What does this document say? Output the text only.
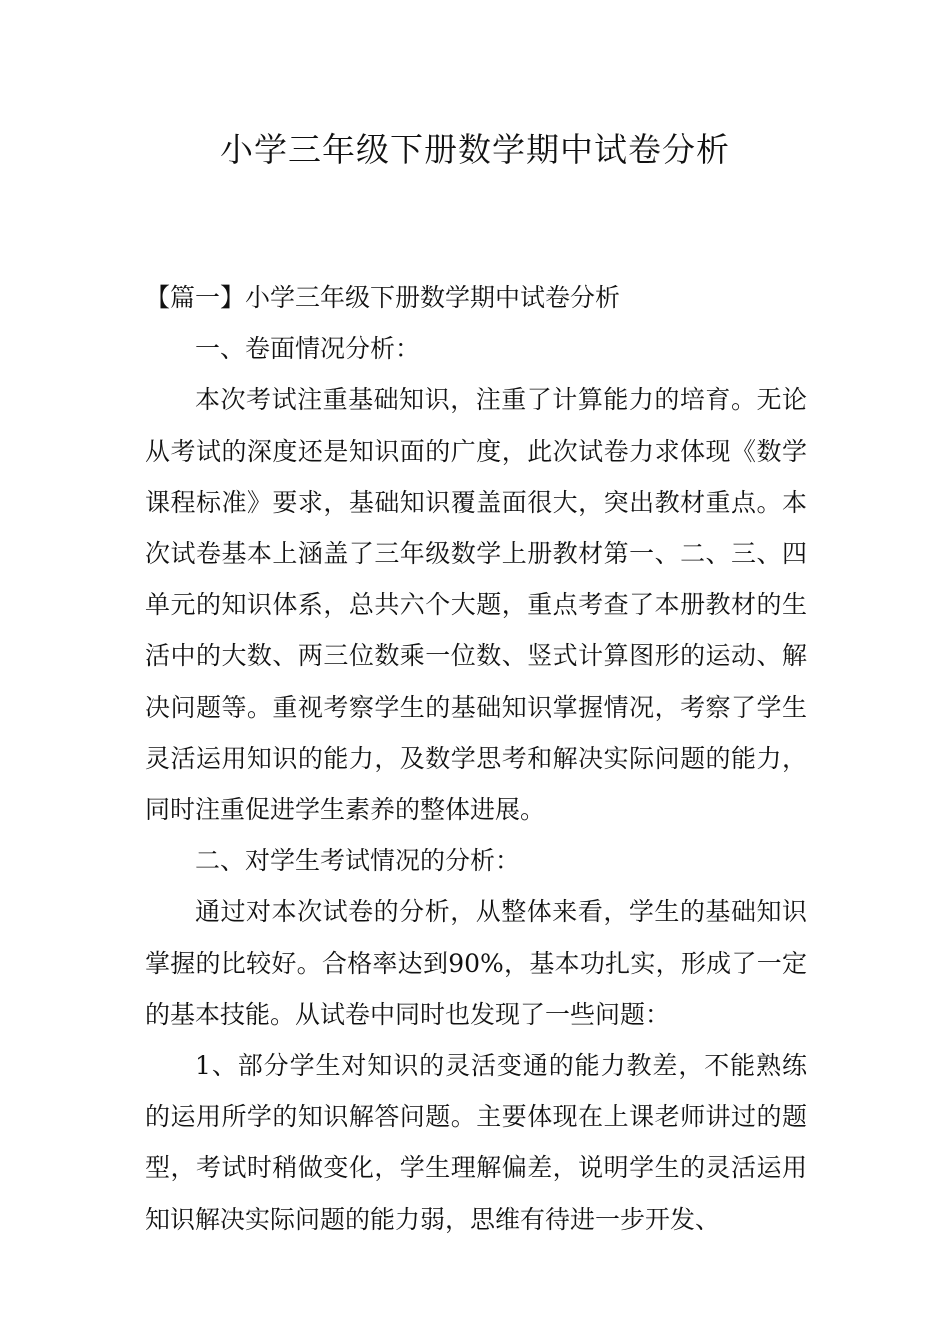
小学三年级下册数学期中试卷分析

【篇一】小学三年级下册数学期中试卷分析

一、卷面情况分析：

本次考试注重基础知识，注重了计算能力的培育。无论从考试的深度还是知识面的广度，此次试卷力求体现《数学课程标准》要求，基础知识覆盖面很大，突出教材重点。本次试卷基本上涵盖了三年级数学上册教材第一、二、三、四单元的知识体系，总共六个大题，重点考查了本册教材的生活中的大数、两三位数乘一位数、竖式计算图形的运动、解决问题等。重视考察学生的基础知识掌握情况，考察了学生灵活运用知识的能力，及数学思考和解决实际问题的能力，同时注重促进学生素养的整体进展。

二、对学生考试情况的分析：

通过对本次试卷的分析，从整体来看，学生的基础知识掌握的比较好。合格率达到90%，基本功扎实，形成了一定的基本技能。从试卷中同时也发现了一些问题：

1、部分学生对知识的灵活变通的能力教差，不能熟练的运用所学的知识解答问题。主要体现在上课老师讲过的题型，考试时稍做变化，学生理解偏差，说明学生的灵活运用知识解决实际问题的能力弱，思维有待进一步开发、
